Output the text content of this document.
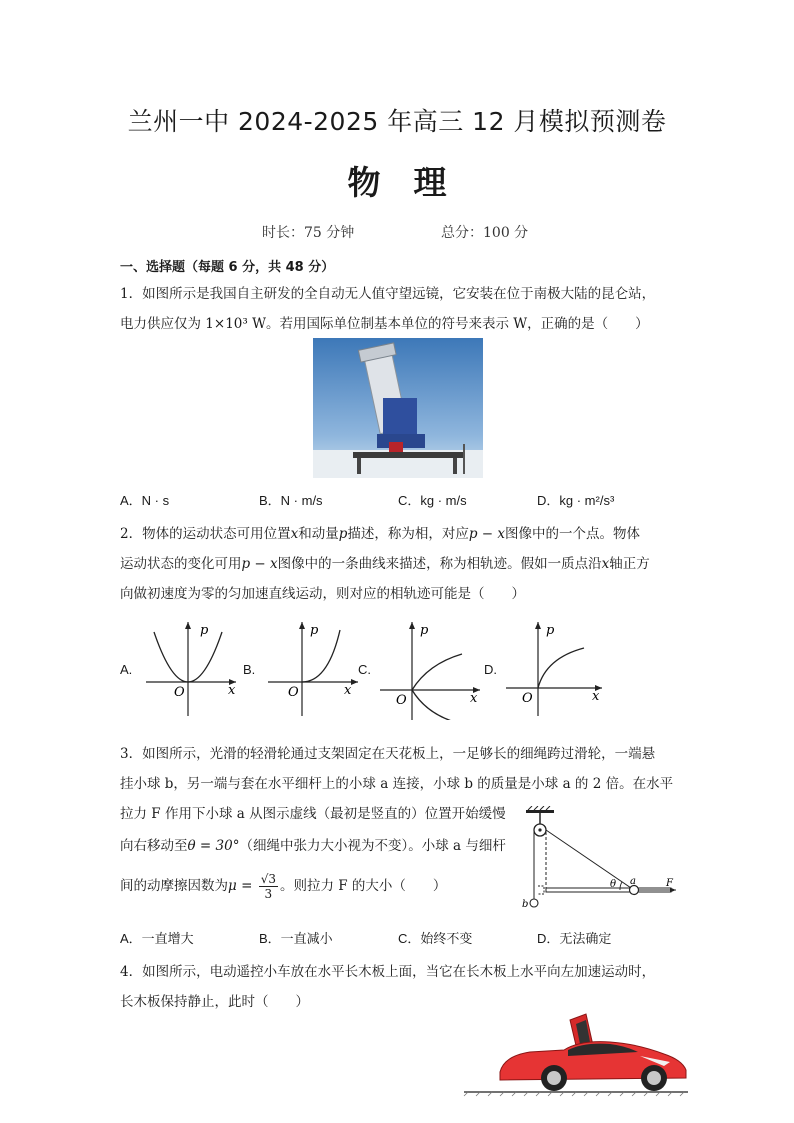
兰州一中 2024-2025 年高三 12 月模拟预测卷
物　理
时长：75 分钟	总分：100 分
一、选择题（每题 6 分，共 48 分）
1．如图所示是我国自主研发的全自动无人值守望远镜，它安装在位于南极大陆的昆仑站，
电力供应仅为 1×10³ W。若用国际单位制基本单位的符号来表示 W，正确的是（　　）
A．N · s	B．N · m/s	C．kg · m/s	D．kg · m²/s³
2．物体的运动状态可用位置x和动量p描述，称为相，对应p − x图像中的一个点。物体
运动状态的变化可用p − x图像中的一条曲线来描述，称为相轨迹。假如一质点沿x轴正方
向做初速度为零的匀加速直线运动，则对应的相轨迹可能是（　　）
A.
p
x
O
B.
p
x
O
C.
p
x
O
D.
p
x
O
3．如图所示，光滑的轻滑轮通过支架固定在天花板上，一足够长的细绳跨过滑轮，一端悬
挂小球 b，另一端与套在水平细杆上的小球 a 连接，小球 b 的质量是小球 a 的 2 倍。在水平
拉力 F 作用下小球 a 从图示虚线（最初是竖直的）位置开始缓慢
向右移动至θ = 30°（细绳中张力大小视为不变）。小球 a 与细杆
间的动摩擦因数为$\mu = \frac{√3}{3}$ 。则拉力 F 的大小（　　）	θ a	F
b
A．一直增大	B．一直减小	C．始终不变	D．无法确定
4．如图所示，电动遥控小车放在水平长木板上面，当它在长木板上水平向左加速运动时，
长木板保持静止，此时（　　）
